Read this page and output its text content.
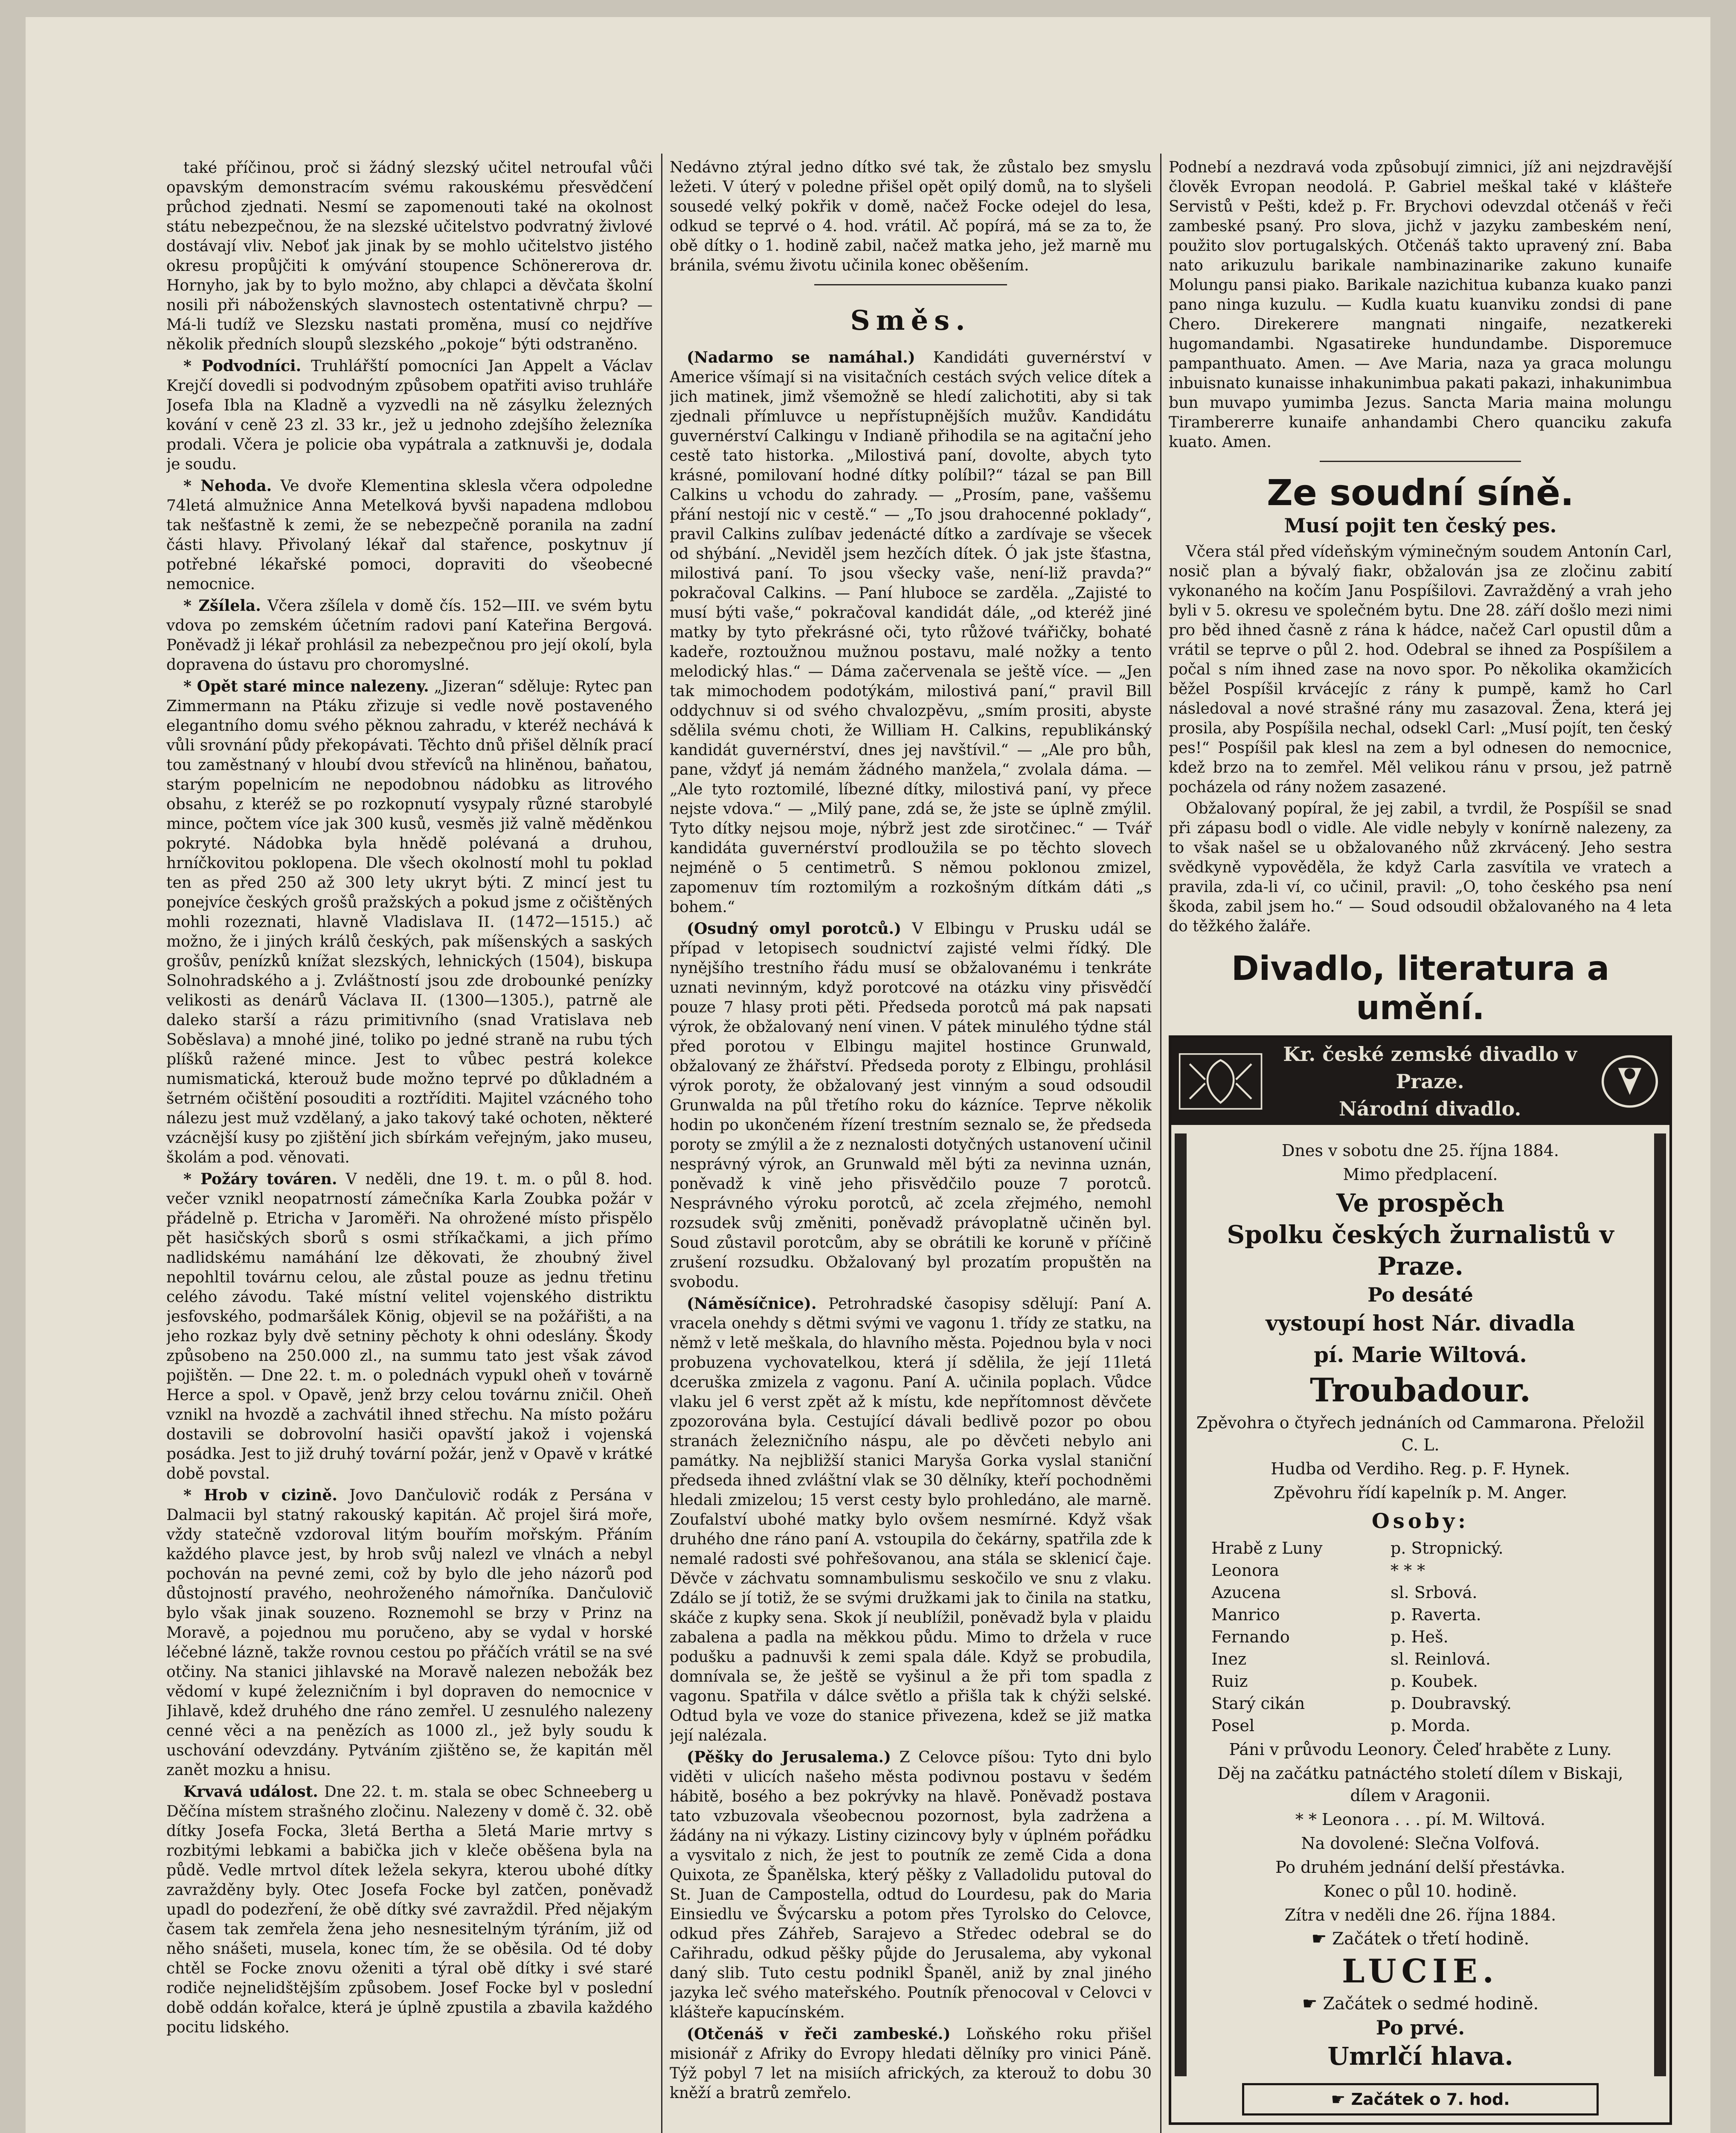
také příčinou, proč si žádný slezský učitel netroufal vůči opavským demonstracím svému rakouskému přesvědčení průchod zjednati. Nesmí se zapomenouti také na okolnost státu nebezpečnou, že na slezské učitelstvo podvratný živlové dostávají vliv. Neboť jak jinak by se mohlo učitelstvo jistého okresu propůjčiti k omývání stoupence Schönererova dr. Hornyho, jak by to bylo možno, aby chlapci a děvčata školní nosili při náboženských slavnostech ostentativně chrpu? — Má-li tudíž ve Slezsku nastati proměna, musí co nejdříve několik předních sloupů slezského „pokoje“ býti odstraněno.

* Podvodníci. Truhlářští pomocníci Jan Appelt a Václav Krejčí dovedli si podvodným způsobem opatřiti aviso truhláře Josefa Ibla na Kladně a vyzvedli na ně zásylku železných kování v ceně 23 zl. 33 kr., jež u jednoho zdejšího železníka prodali. Včera je policie oba vypátrala a zatknuvši je, dodala je soudu.

* Nehoda. Ve dvoře Klementina sklesla včera odpoledne 74letá almužnice Anna Metelková byvši napadena mdlobou tak nešťastně k zemi, že se nebezpečně poranila na zadní části hlavy. Přivolaný lékař dal stařence, poskytnuv jí potřebné lékařské pomoci, dopraviti do všeobecné nemocnice.

* Zšílela. Včera zšílela v domě čís. 152—III. ve svém bytu vdova po zemském účetním radovi paní Kateřina Bergová. Poněvadž ji lékař prohlásil za nebezpečnou pro její okolí, byla dopravena do ústavu pro choromyslné.

* Opět staré mince nalezeny. „Jizeran“ sděluje: Rytec pan Zimmermann na Ptáku zřizuje si vedle nově postaveného elegantního domu svého pěknou zahradu, v kteréž nechává k vůli srovnání půdy překopávati. Těchto dnů přišel dělník prací tou zaměstnaný v hloubí dvou střevíců na hliněnou, baňatou, starým popelnicím ne nepodobnou nádobku as litrového obsahu, z kteréž se po rozkopnutí vysypaly různé starobylé mince, počtem více jak 300 kusů, vesměs již valně měděnkou pokryté. Nádobka byla hnědě polévaná a druhou, hrníčkovitou poklopena. Dle všech okolností mohl tu poklad ten as před 250 až 300 lety ukryt býti. Z mincí jest tu ponejvíce českých grošů pražských a pokud jsme z očištěných mohli rozeznati, hlavně Vladislava II. (1472—1515.) ač možno, že i jiných králů českých, pak míšenských a saských grošův, penízků knížat slezských, lehnických (1504), biskupa Solnohradského a j. Zvláštností jsou zde drobounké penízky velikosti as denárů Václava II. (1300—1305.), patrně ale daleko starší a rázu primitivního (snad Vratislava neb Soběslava) a mnohé jiné, toliko po jedné straně na rubu tých plíšků ražené mince. Jest to vůbec pestrá kolekce numismatická, kterouž bude možno teprvé po důkladném a šetrném očištění posouditi a roztříditi. Majitel vzácného toho nálezu jest muž vzdělaný, a jako takový také ochoten, některé vzácnější kusy po zjištění jich sbírkám veřejným, jako museu, školám a pod. věnovati.

* Požáry továren. V neděli, dne 19. t. m. o půl 8. hod. večer vznikl neopatrností zámečníka Karla Zoubka požár v přádelně p. Etricha v Jaroměři. Na ohrožené místo přispělo pět hasičských sborů s osmi stříkačkami, a jich přímo nadlidskému namáhání lze děkovati, že zhoubný živel nepohltil továrnu celou, ale zůstal pouze as jednu třetinu celého závodu. Také místní velitel vojenského distriktu jesfovského, podmaršálek König, objevil se na požářišti, a na jeho rozkaz byly dvě setniny pěchoty k ohni odeslány. Škody způsobeno na 250.000 zl., na summu tato jest však závod pojištěn. — Dne 22. t. m. o polednách vypukl oheň v továrně Herce a spol. v Opavě, jenž brzy celou továrnu zničil. Oheň vznikl na hvozdě a zachvátil ihned střechu. Na místo požáru dostavili se dobrovolní hasiči opavští jakož i vojenská posádka. Jest to již druhý tovární požár, jenž v Opavě v krátké době povstal.

* Hrob v cizině. Jovo Dančulovič rodák z Persána v Dalmacii byl statný rakouský kapitán. Ač projel širá moře, vždy statečně vzdoroval litým bouřím mořským. Přáním každého plavce jest, by hrob svůj nalezl ve vlnách a nebyl pochován na pevné zemi, což by bylo dle jeho názorů pod důstojností pravého, neohroženého námořníka. Dančulovič bylo však jinak souzeno. Roznemohl se brzy v Prinz na Moravě, a pojednou mu poručeno, aby se vydal v horské léčebné lázně, takže rovnou cestou po přáčích vrátil se na své otčiny. Na stanici jihlavské na Moravě nalezen nebožák bez vědomí v kupé železničním i byl dopraven do nemocnice v Jihlavě, kdež druhého dne ráno zemřel. U zesnulého nalezeny cenné věci a na penězích as 1000 zl., jež byly soudu k uschování odevzdány. Pytváním zjištěno se, že kapitán měl zanět mozku a hnisu.

Krvavá událost. Dne 22. t. m. stala se obec Schneeberg u Děčína místem strašného zločinu. Nalezeny v domě č. 32. obě dítky Josefa Focka, 3letá Bertha a 5letá Marie mrtvy s rozbitými lebkami a babička jich v kleče oběšena byla na půdě. Vedle mrtvol dítek ležela sekyra, kterou ubohé dítky zavražděny byly. Otec Josefa Focke byl zatčen, poněvadž upadl do podezření, že obě dítky své zavraždil. Před nějakým časem tak zemřela žena jeho nesnesitelným týráním, již od něho snášeti, musela, konec tím, že se oběsila. Od té doby chtěl se Focke znovu oženiti a týral obě dítky i své staré rodiče nejnelidštějším způsobem. Josef Focke byl v poslední době oddán kořalce, která je úplně zpustila a zbavila každého pocitu lidského.

Nedávno ztýral jedno dítko své tak, že zůstalo bez smyslu ležeti. V úterý v poledne přišel opět opilý domů, na to slyšeli sousedé velký pokřik v domě, načež Focke odejel do lesa, odkud se teprvé o 4. hod. vrátil. Ač popírá, má se za to, že obě dítky o 1. hodině zabil, načež matka jeho, jež marně mu bránila, svému životu učinila konec oběšením.

Směs.

(Nadarmo se namáhal.) Kandidáti guvernérství v Americe všímají si na visitačních cestách svých velice dítek a jich matinek, jimž všemožně se hledí zalichotiti, aby si tak zjednali přímluvce u nepřístupnějších mužův. Kandidátu guvernérství Calkingu v Indianě přihodila se na agitační jeho cestě tato historka. „Milostivá paní, dovolte, abych tyto krásné, pomilovaní hodné dítky políbil?“ tázal se pan Bill Calkins u vchodu do zahrady. — „Prosím, pane, vaššemu přání nestojí nic v cestě.“ — „To jsou drahocenné poklady“, pravil Calkins zulíbav jedenácté dítko a zardívaje se všecek od shýbání. „Neviděl jsem hezčích dítek. Ó jak jste šťastna, milostivá paní. To jsou všecky vaše, není-liž pravda?“ pokračoval Calkins. — Paní hluboce se zarděla. „Zajisté to musí býti vaše,“ pokračoval kandidát dále, „od kteréž jiné matky by tyto překrásné oči, tyto růžové tvářičky, bohaté kadeře, roztoužnou mužnou postavu, malé nožky a tento melodický hlas.“ — Dáma začervenala se ještě více. — „Jen tak mimochodem podotýkám, milostivá paní,“ pravil Bill oddychnuv si od svého chvalozpěvu, „smím prositi, abyste sdělila svému choti, že William H. Calkins, republikánský kandidát guvernérství, dnes jej navštívil.“ — „Ale pro bůh, pane, vždyť já nemám žádného manžela,“ zvolala dáma. — „Ale tyto roztomilé, líbezné dítky, milostivá paní, vy přece nejste vdova.“ — „Milý pane, zdá se, že jste se úplně zmýlil. Tyto dítky nejsou moje, nýbrž jest zde sirotčinec.“ — Tvář kandidáta guvernérství prodloužila se po těchto slovech nejméně o 5 centimetrů. S němou poklonou zmizel, zapomenuv tím roztomilým a rozkošným dítkám dáti „s bohem.“

(Osudný omyl porotců.) V Elbingu v Prusku udál se případ v letopisech soudnictví zajisté velmi řídký. Dle nynějšího trestního řádu musí se obžalovanému i tenkráte uznati nevinným, když porotcové na otázku viny přisvědčí pouze 7 hlasy proti pěti. Předseda porotců má pak napsati výrok, že obžalovaný není vinen. V pátek minulého týdne stál před porotou v Elbingu majitel hostince Grunwald, obžalovaný ze žhářství. Předseda poroty z Elbingu, prohlásil výrok poroty, že obžalovaný jest vinným a soud odsoudil Grunwalda na půl třetího roku do kázníce. Teprve několik hodin po ukončeném řízení trestním seznalo se, že předseda poroty se zmýlil a že z neznalosti dotyčných ustanovení učinil nesprávný výrok, an Grunwald měl býti za nevinna uznán, poněvadž k vině jeho přisvědčilo pouze 7 porotců. Nesprávného výroku porotců, ač zcela zřejmého, nemohl rozsudek svůj změniti, poněvadž právoplatně učiněn byl. Soud zůstavil porotcům, aby se obrátili ke koruně v příčině zrušení rozsudku. Obžalovaný byl prozatím propuštěn na svobodu.

(Náměsíčnice). Petrohradské časopisy sdělují: Paní A. vracela onehdy s dětmi svými ve vagonu 1. třídy ze statku, na němž v letě meškala, do hlavního města. Pojednou byla v noci probuzena vychovatelkou, která jí sdělila, že její 11letá dceruška zmizela z vagonu. Paní A. učinila poplach. Vůdce vlaku jel 6 verst zpět až k místu, kde nepřítomnost děvčete zpozorována byla. Cestující dávali bedlivě pozor po obou stranách železničního náspu, ale po děvčeti nebylo ani památky. Na nejbližší stanici Maryša Gorka vyslal staniční předseda ihned zvláštní vlak se 30 dělníky, kteří pochodněmi hledali zmizelou; 15 verst cesty bylo prohledáno, ale marně. Zoufalství ubohé matky bylo ovšem nesmírné. Když však druhého dne ráno paní A. vstoupila do čekárny, spatřila zde k nemalé radosti své pohřešovanou, ana stála se sklenicí čaje. Děvče v záchvatu somnambulismu seskočilo ve snu z vlaku. Zdálo se jí totiž, že se svými družkami jak to činila na statku, skáče z kupky sena. Skok jí neublížil, poněvadž byla v plaidu zabalena a padla na měkkou půdu. Mimo to držela v ruce podušku a padnuvši k zemi spala dále. Když se probudila, domnívala se, že ještě se vyšinul a že při tom spadla z vagonu. Spatřila v dálce světlo a přišla tak k chýži selské. Odtud byla ve voze do stanice přivezena, kdež se již matka její nalézala.

(Pěšky do Jerusalema.) Z Celovce píšou: Tyto dni bylo viděti v ulicích našeho města podivnou postavu v šedém hábitě, bosého a bez pokrývky na hlavě. Poněvadž postava tato vzbuzovala všeobecnou pozornost, byla zadržena a žádány na ni výkazy. Listiny cizincovy byly v úplném pořádku a vysvitalo z nich, že jest to poutník ze země Cida a dona Quixota, ze Španělska, který pěšky z Valladolidu putoval do St. Juan de Campostella, odtud do Lourdesu, pak do Maria Einsiedlu ve Švýcarsku a potom přes Tyrolsko do Celovce, odkud přes Záhřeb, Sarajevo a Středec odebral se do Cařihradu, odkud pěšky půjde do Jerusalema, aby vykonal daný slib. Tuto cestu podnikl Španěl, aniž by znal jiného jazyka leč svého mateřského. Poutník přenocoval v Celovci v klášteře kapucínském.

(Otčenáš v řeči zambeské.) Loňského roku přišel misionář z Afriky do Evropy hledati dělníky pro vinici Páně. Týž pobyl 7 let na misiích afrických, za kterouž to dobu 30 kněží a bratrů zemřelo.

Podnebí a nezdravá voda způsobují zimnici, jíž ani nejzdravější člověk Evropan neodolá. P. Gabriel meškal také v klášteře Servistů v Pešti, kdež p. Fr. Brychovi odevzdal otčenáš v řeči zambeské psaný. Pro slova, jichž v jazyku zambeském není, použito slov portugalských. Otčenáš takto upravený zní. Baba nato arikuzulu barikale nambinazinarike zakuno kunaife Molungu pansi piako. Barikale nazichitua kubanza kuako panzi pano ninga kuzulu. — Kudla kuatu kuanviku zondsi di pane Chero. Direkerere mangnati ningaife, nezatkereki hugomandambi. Ngasatireke hundundambe. Disporemuce pampanthuato. Amen. — Ave Maria, naza ya graca molungu inbuisnato kunaisse inhakunimbua pakati pakazi, inhakunimbua bun muvapo yumimba Jezus. Sancta Maria maina molungu Tirambererre kunaife anhandambi Chero quanciku zakufa kuato. Amen.

Ze soudní síně.
Musí pojit ten český pes.

Včera stál před vídeňským výminečným soudem Antonín Carl, nosič plan a bývalý fiakr, obžalován jsa ze zločinu zabití vykonaného na kočím Janu Pospíšilovi. Zavražděný a vrah jeho byli v 5. okresu ve společném bytu. Dne 28. září došlo mezi nimi pro běd ihned časně z rána k hádce, načež Carl opustil dům a vrátil se teprve o půl 2. hod. Odebral se ihned za Pospíšilem a počal s ním ihned zase na novo spor. Po několika okamžicích běžel Pospíšil krvácejíc z rány k pumpě, kamž ho Carl následoval a nové strašné rány mu zasazoval. Žena, která jej prosila, aby Pospíšila nechal, odsekl Carl: „Musí pojít, ten český pes!“ Pospíšil pak klesl na zem a byl odnesen do nemocnice, kdež brzo na to zemřel. Měl velikou ránu v prsou, jež patrně pocházela od rány nožem zasazené.

Obžalovaný popíral, že jej zabil, a tvrdil, že Pospíšil se snad při zápasu bodl o vidle. Ale vidle nebyly v konírně nalezeny, za to však našel se u obžalovaného nůž zkrvácený. Jeho sestra svědkyně vypověděla, že když Carla zasvítila ve vratech a pravila, zda-li ví, co učinil, pravil: „O, toho českého psa není škoda, zabil jsem ho.“ — Soud odsoudil obžalovaného na 4 leta do těžkého žaláře.

Divadlo, literatura a umění.
Kr. české zemské divadlo v Praze.
Národní divadlo.
Dnes v sobotu dne 25. října 1884.
Mimo předplacení.
Ve prospěch
Spolku českých žurnalistů v Praze.
Po desáté
vystoupí host Nár. divadla
pí. Marie Wiltová.
Troubadour.
Zpěvohra o čtyřech jednáních od Cammarona. Přeložil C. L.
Hudba od Verdiho. Reg. p. F. Hynek.
Zpěvohru řídí kapelník p. M. Anger.
Osoby:
Hrabě z Luny	p. Stropnický.
Leonora	* * *
Azucena	sl. Srbová.
Manrico	p. Raverta.
Fernando	p. Heš.
Inez	sl. Reinlová.
Ruiz	p. Koubek.
Starý cikán	p. Doubravský.
Posel	p. Morda.
Páni v průvodu Leonory. Čeleď hraběte z Luny.
Děj na začátku patnáctého století dílem v Biskaji, dílem v Aragonii.
* * Leonora . . . pí. M. Wiltová.
Na dovolené: Slečna Volfová.
Po druhém jednání delší přestávka.
Konec o půl 10. hodině.
Zítra v neděli dne 26. října 1884.
☛ Začátek o třetí hodině.
LUCIE.
☛ Začátek o sedmé hodině.
Po prvé.
Umrlčí hlava.
☛ Začátek o 7. hod.
